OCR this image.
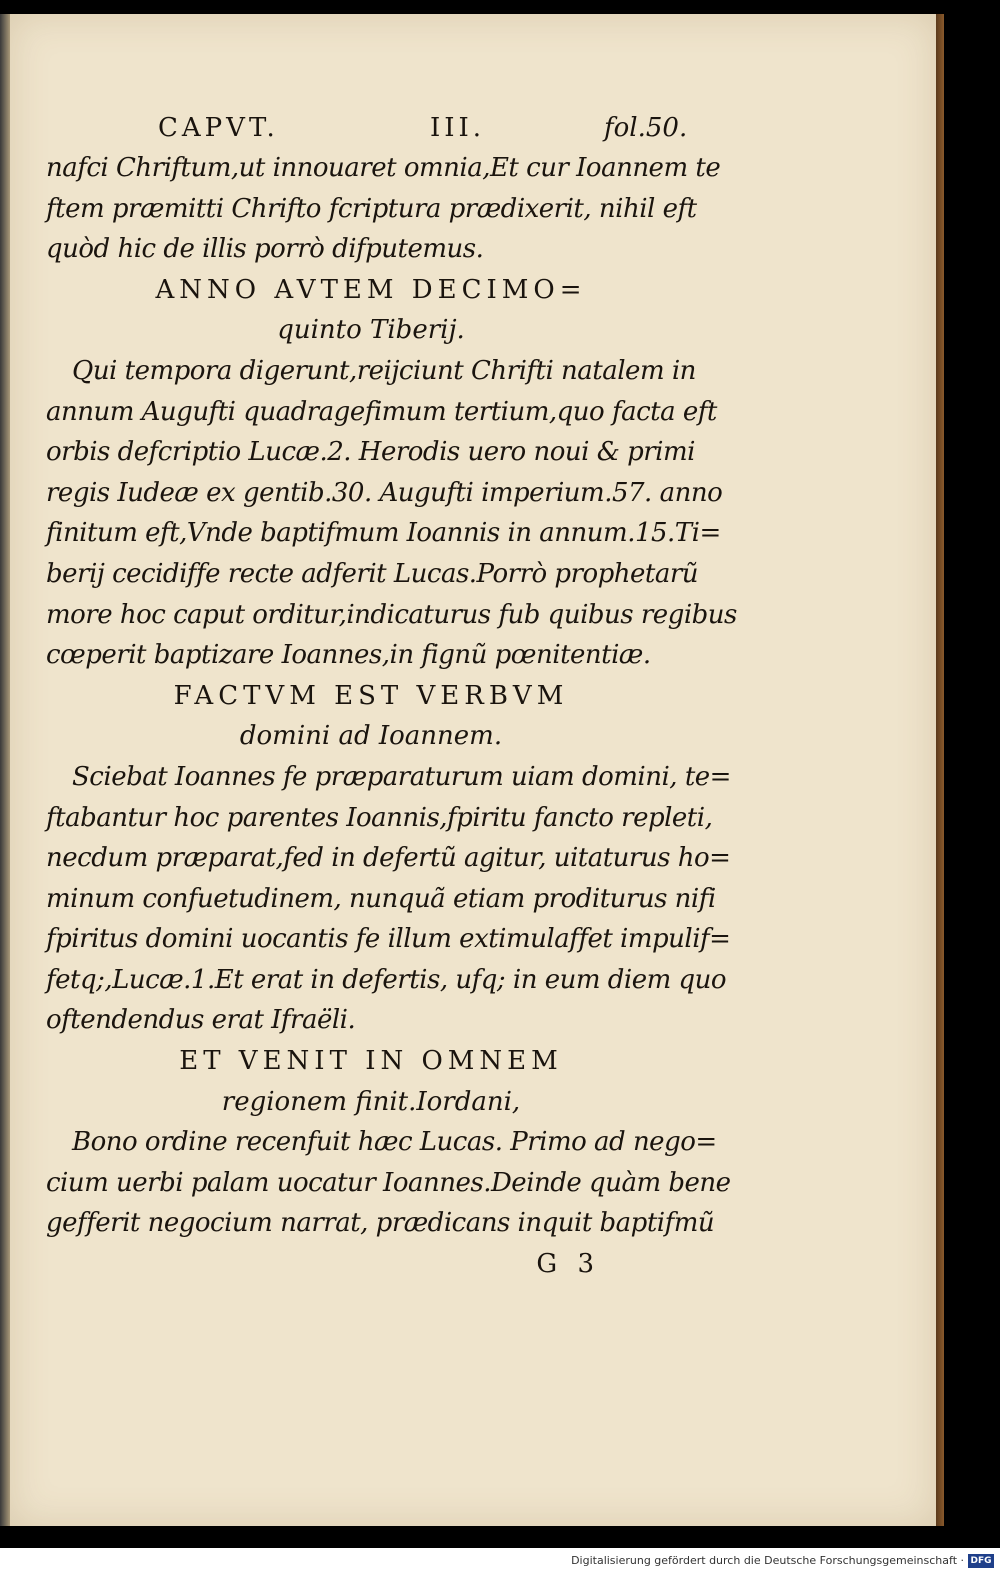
CAPVT.	III.	fol.50.
nafci Chriftum,ut innouaret omnia,Et cur Ioannem te
ftem præmitti Chrifto fcriptura prædixerit, nihil eft
quòd hic de illis porrò difputemus.
ANNO AVTEM DECIMO=
quinto Tiberij.
Qui tempora digerunt,reijciunt Chrifti natalem in
annum Augufti quadragefimum tertium,quo facta eft
orbis defcriptio Lucæ.2. Herodis uero noui & primi
regis Iudeæ ex gentib.30. Augufti imperium.57. anno
finitum eft,Vnde baptifmum Ioannis in annum.15.Ti=
berij cecidiffe recte adferit Lucas.Porrò prophetarũ
more hoc caput orditur,indicaturus fub quibus regibus
cœperit baptizare Ioannes,in fignũ pœnitentiæ.
FACTVM EST VERBVM
domini ad Ioannem.
Sciebat Ioannes fe præparaturum uiam domini, te=
ftabantur hoc parentes Ioannis,fpiritu fancto repleti,
necdum præparat,fed in defertũ agitur, uitaturus ho=
minum confuetudinem, nunquã etiam proditurus nifi
fpiritus domini uocantis fe illum extimulaffet impulif=
fetq;,Lucæ.1.Et erat in defertis, ufq; in eum diem quo
oftendendus erat Ifraëli.
ET VENIT IN OMNEM
regionem finit.Iordani,
Bono ordine recenfuit hæc Lucas. Primo ad nego=
cium uerbi palam uocatur Ioannes.Deinde quàm bene
gefferit negocium narrat, prædicans inquit baptifmũ
G 3
Digitalisierung gefördert durch die Deutsche Forschungsgemeinschaft · DFG
